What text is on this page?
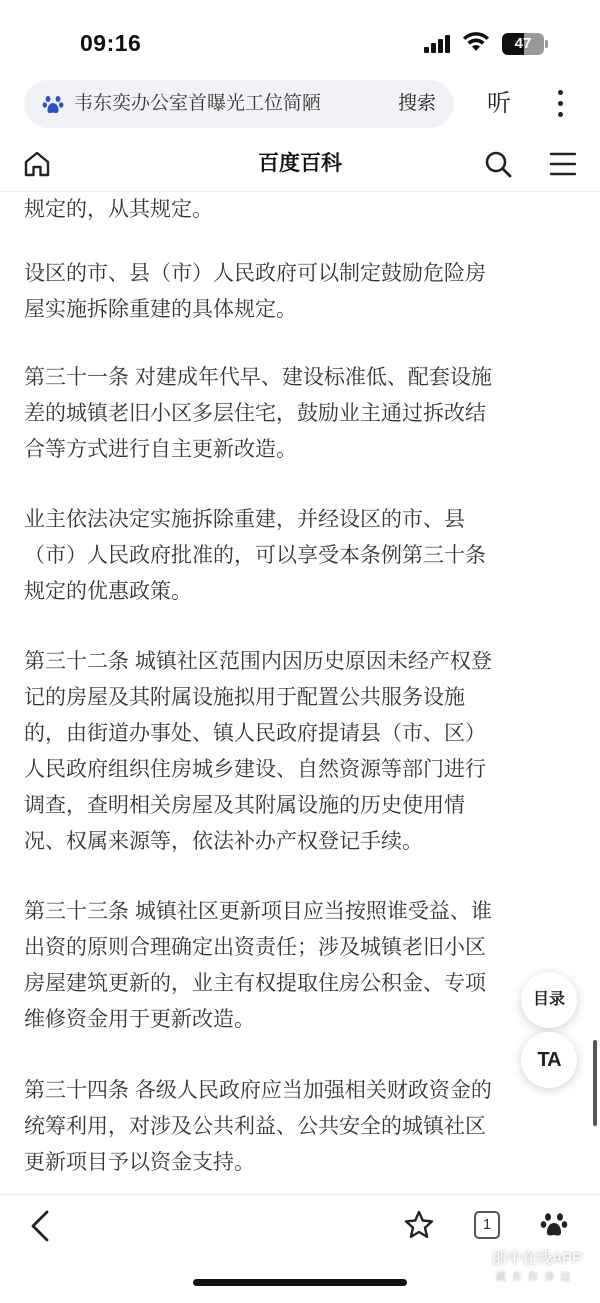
09:16	47
韦东奕办公室首曝光工位简陋	搜索 听
百度百科
规定的，从其规定。
设区的市、县（市）人民政府可以制定鼓励危险房
屋实施拆除重建的具体规定。
第三十一条 对建成年代早、建设标准低、配套设施
差的城镇老旧小区多层住宅，鼓励业主通过拆改结
合等方式进行自主更新改造。
业主依法决定实施拆除重建，并经设区的市、县
（市）人民政府批准的，可以享受本条例第三十条
规定的优惠政策。
第三十二条 城镇社区范围内因历史原因未经产权登
记的房屋及其附属设施拟用于配置公共服务设施
的，由街道办事处、镇人民政府提请县（市、区）
人民政府组织住房城乡建设、自然资源等部门进行
调查，查明相关房屋及其附属设施的历史使用情
况、权属来源等，依法补办产权登记手续。
第三十三条 城镇社区更新项目应当按照谁受益、谁
出资的原则合理确定出资责任；涉及城镇老旧小区
房屋建筑更新的，业主有权提取住房公积金、专项
维修资金用于更新改造。
第三十四条 各级人民政府应当加强相关财政资金的
统筹利用，对涉及公共利益、公共安全的城镇社区
更新项目予以资金支持。
目录
TA
1
zj 浙中在线APP
就在你身边
